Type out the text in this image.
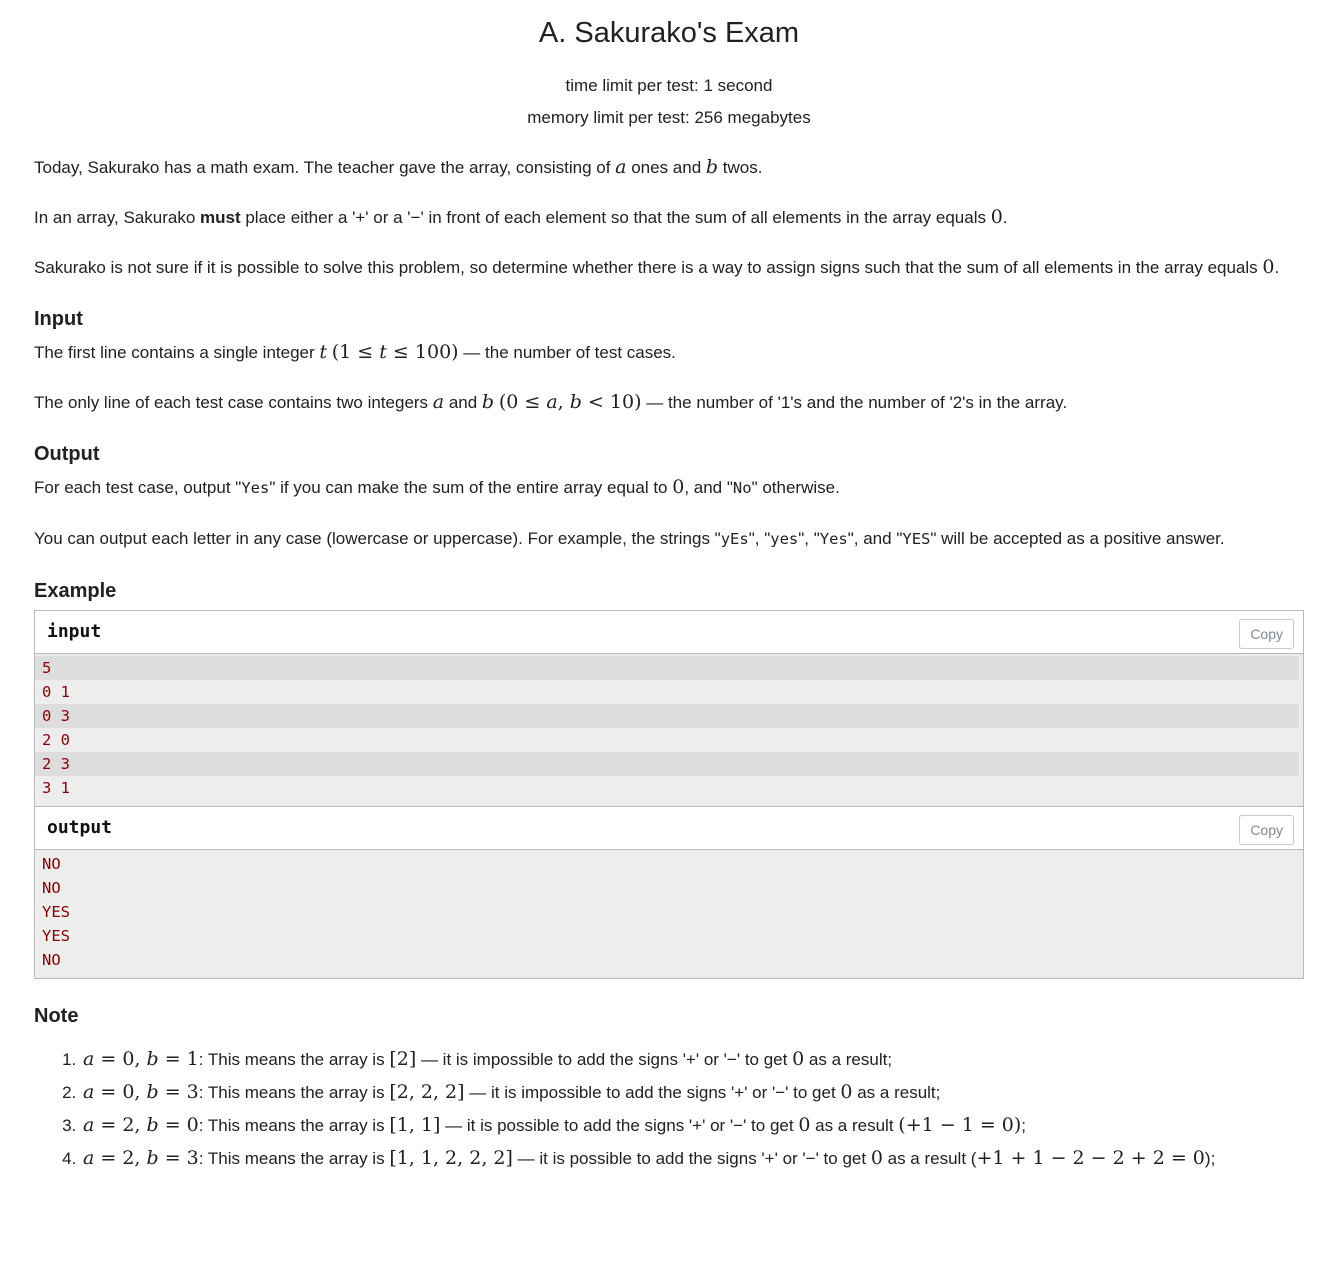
A. Sakurako's Exam
time limit per test: 1 second
memory limit per test: 256 megabytes

Today, Sakurako has a math exam. The teacher gave the array, consisting of a ones and b twos.

In an array, Sakurako must place either a '+' or a '−' in front of each element so that the sum of all elements in the array equals 0.

Sakurako is not sure if it is possible to solve this problem, so determine whether there is a way to assign signs such that the sum of all elements in the array equals 0.

Input

The first line contains a single integer t (1 ≤ t ≤ 100) — the number of test cases.

The only line of each test case contains two integers a and b (0 ≤ a, b < 10) — the number of '1's and the number of '2's in the array.

Output

For each test case, output "Yes" if you can make the sum of the entire array equal to 0, and "No" otherwise.

You can output each letter in any case (lowercase or uppercase). For example, the strings "yEs", "yes", "Yes", and "YES" will be accepted as a positive answer.

Example
input	Copy
5
0 1
0 3
2 0
2 3
3 1
output	Copy
NO
NO
YES
YES
NO
Note
1. a = 0, b = 1: This means the array is [2] — it is impossible to add the signs '+' or '−' to get 0 as a result;
2. a = 0, b = 3: This means the array is [2, 2, 2] — it is impossible to add the signs '+' or '−' to get 0 as a result;
3. a = 2, b = 0: This means the array is [1, 1] — it is possible to add the signs '+' or '−' to get 0 as a result (+1 − 1 = 0);
4. a = 2, b = 3: This means the array is [1, 1, 2, 2, 2] — it is possible to add the signs '+' or '−' to get 0 as a result (​+1 + 1 − 2 − 2 + 2 = 0);
